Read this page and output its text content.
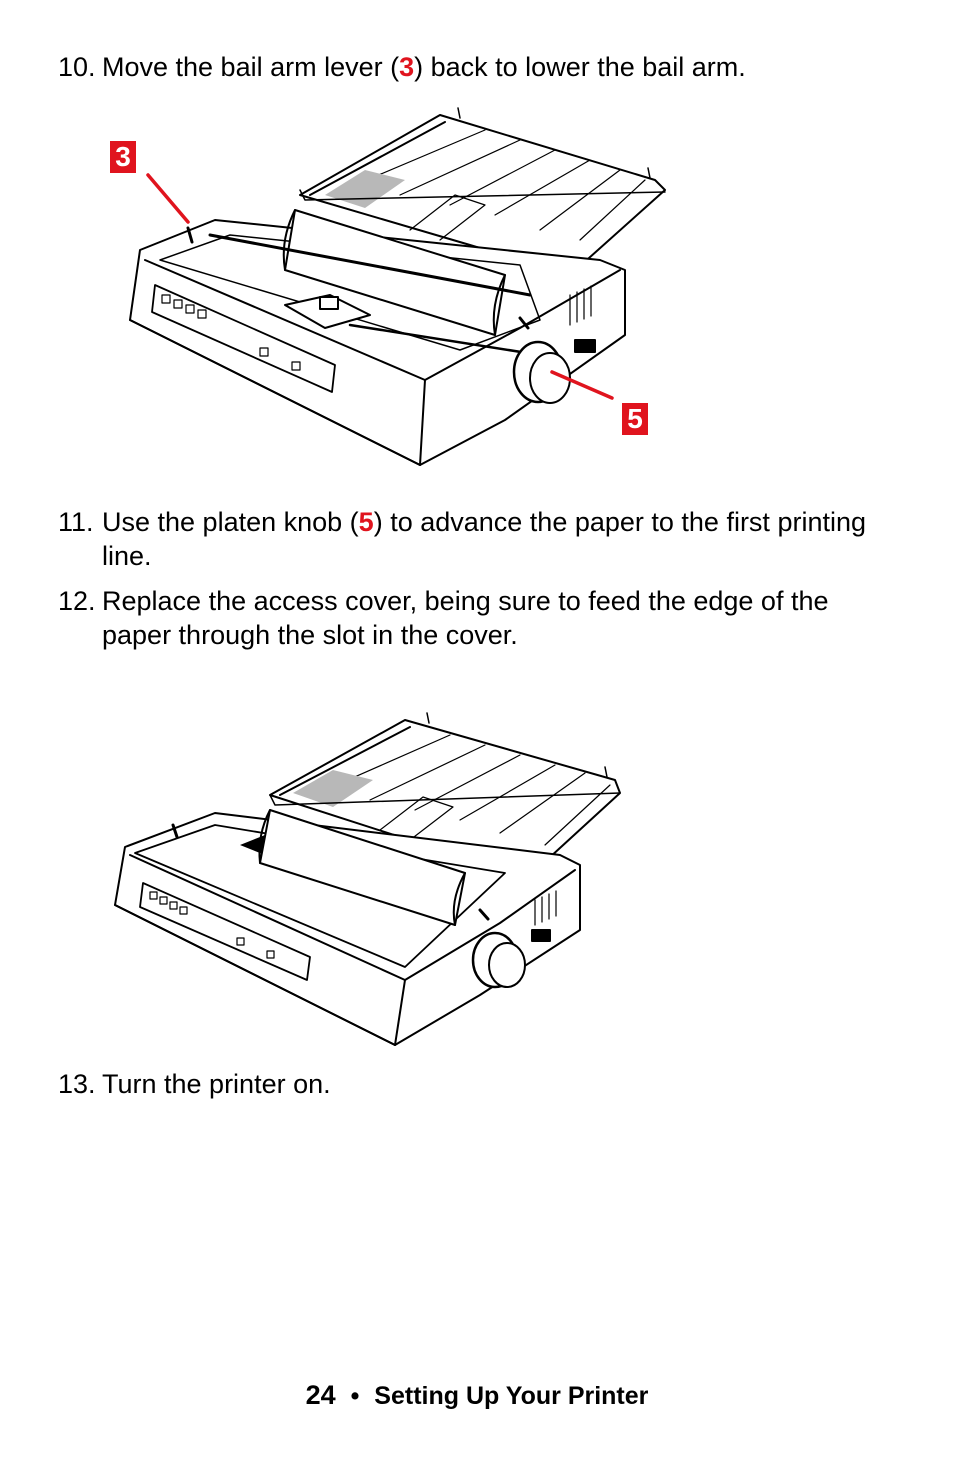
10. Move the bail arm lever (3) back to lower the bail arm.
3
5
11. Use the platen knob (5) to advance the paper to the first printing line.
12. Replace the access cover, being sure to feed the edge of the paper through the slot in the cover.
13. Turn the printer on.
24 • Setting Up Your Printer
